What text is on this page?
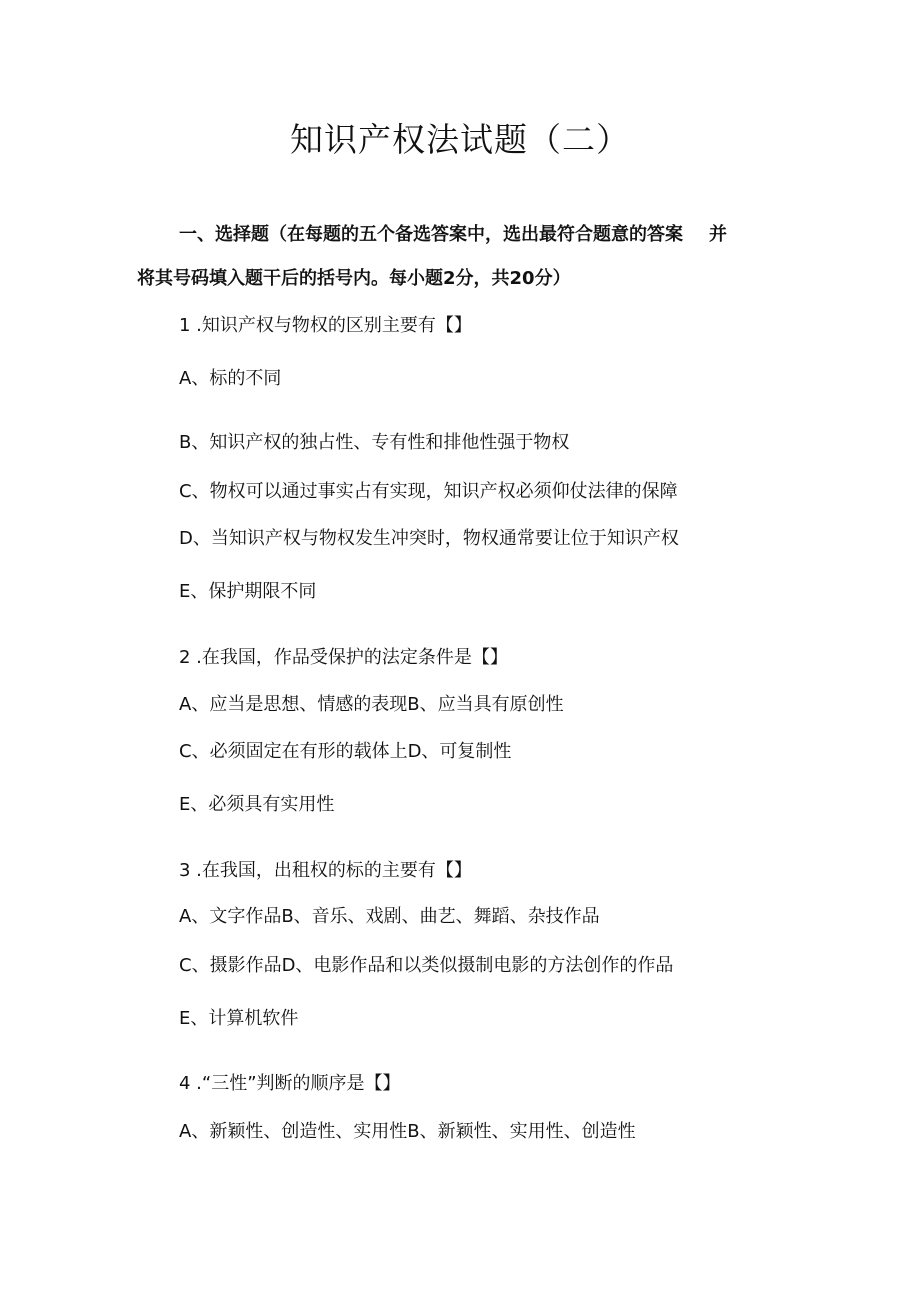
知识产权法试题（二）
一、选择题（在每题的五个备选答案中，选出最符合题意的答案 并
将其号码填入题干后的括号内。每小题2分，共20分）
1 .知识产权与物权的区别主要有【】
A、标的不同
B、知识产权的独占性、专有性和排他性强于物权
C、物权可以通过事实占有实现，知识产权必须仰仗法律的保障
D、当知识产权与物权发生冲突时，物权通常要让位于知识产权
E、保护期限不同
2 .在我国，作品受保护的法定条件是【】
A、应当是思想、情感的表现B、应当具有原创性
C、必须固定在有形的载体上D、可复制性
E、必须具有实用性
3 .在我国，出租权的标的主要有【】
A、文字作品B、音乐、戏剧、曲艺、舞蹈、杂技作品
C、摄影作品D、电影作品和以类似摄制电影的方法创作的作品
E、计算机软件
4 .“三性”判断的顺序是【】
A、新颖性、创造性、实用性B、新颖性、实用性、创造性
